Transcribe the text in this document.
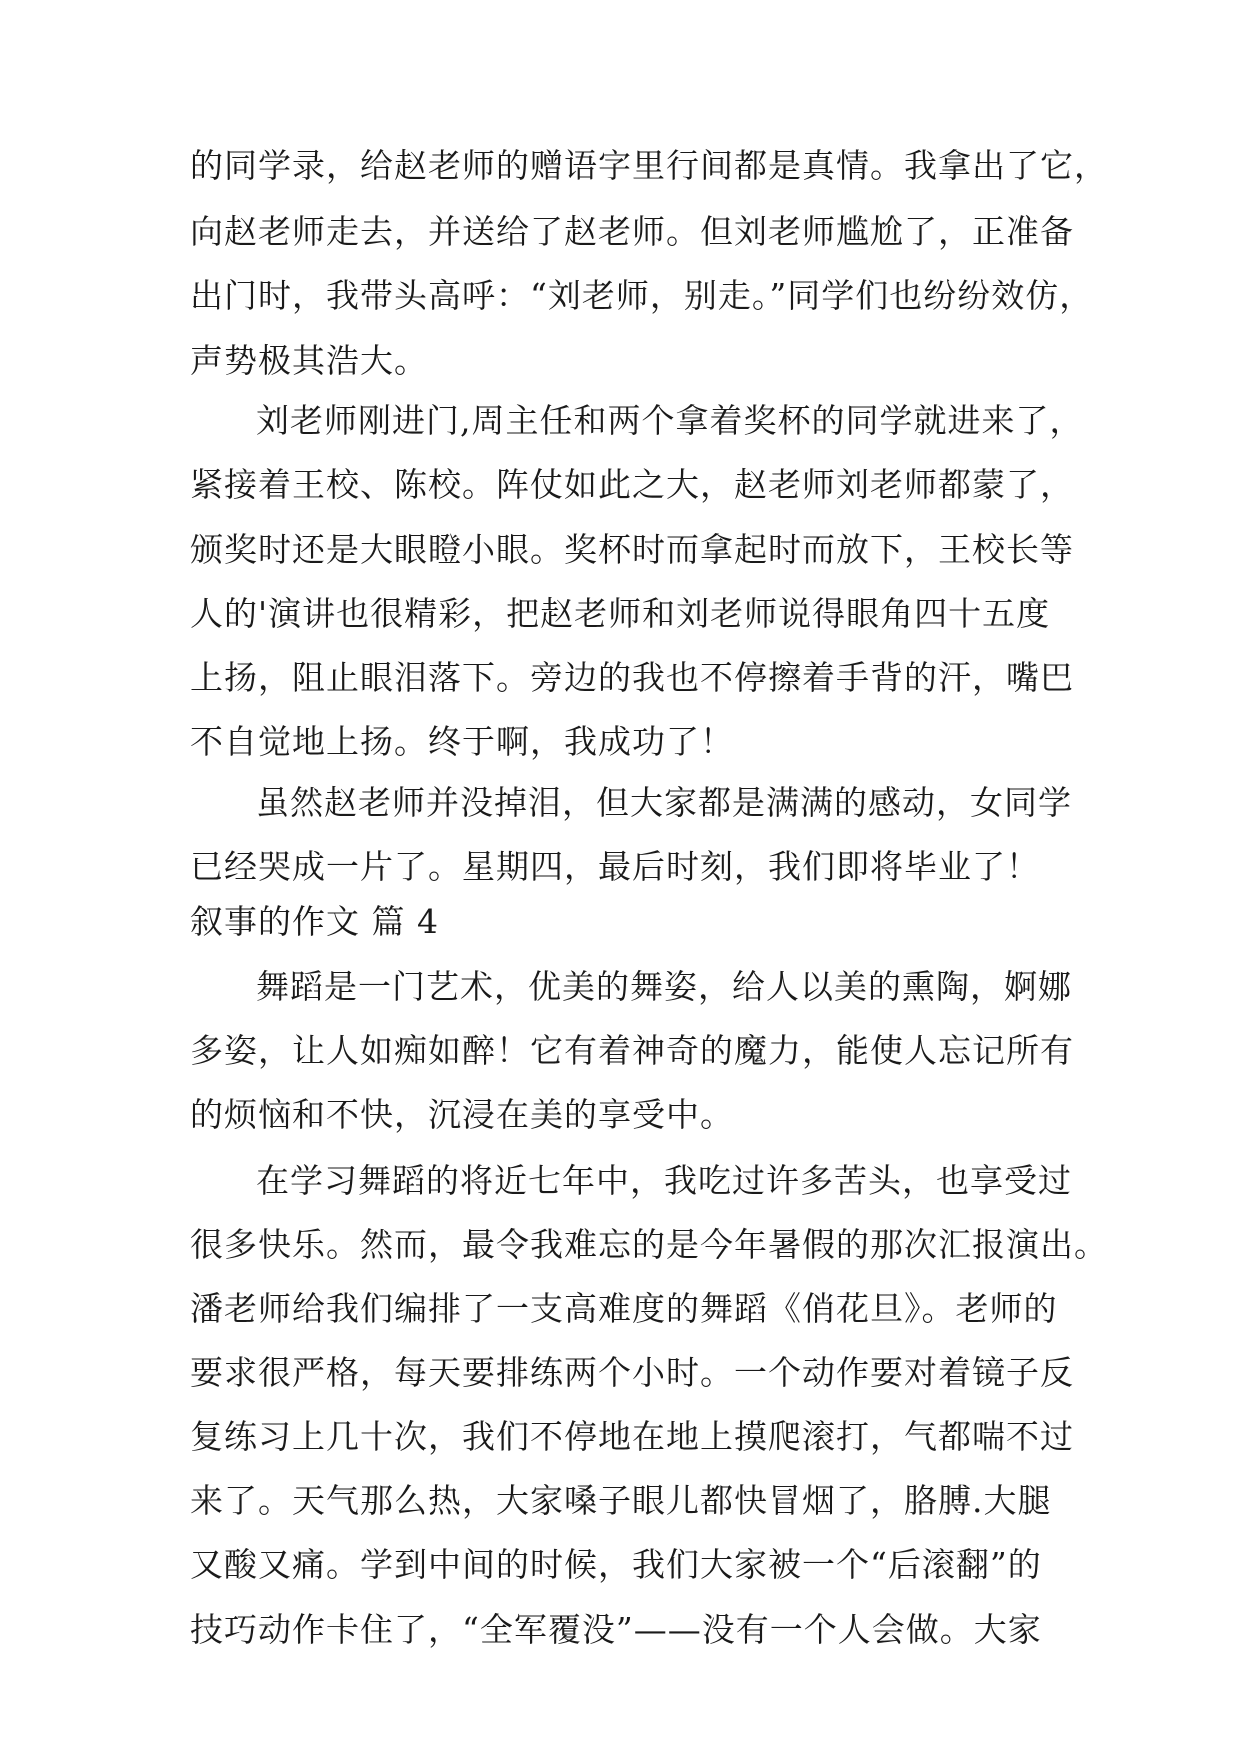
的同学录，给赵老师的赠语字里行间都是真情。我拿出了它，
向赵老师走去，并送给了赵老师。但刘老师尴尬了，正准备
出门时，我带头高呼：“刘老师，别走。”同学们也纷纷效仿，
声势极其浩大。
刘老师刚进门,周主任和两个拿着奖杯的同学就进来了，
紧接着王校、陈校。阵仗如此之大，赵老师刘老师都蒙了，
颁奖时还是大眼瞪小眼。奖杯时而拿起时而放下，王校长等
人的'演讲也很精彩，把赵老师和刘老师说得眼角四十五度
上扬，阻止眼泪落下。旁边的我也不停擦着手背的汗，嘴巴
不自觉地上扬。终于啊，我成功了！
虽然赵老师并没掉泪，但大家都是满满的感动，女同学
已经哭成一片了。星期四，最后时刻，我们即将毕业了！
叙事的作文 篇 4
舞蹈是一门艺术，优美的舞姿，给人以美的熏陶，婀娜
多姿，让人如痴如醉！它有着神奇的魔力，能使人忘记所有
的烦恼和不快，沉浸在美的享受中。
在学习舞蹈的将近七年中，我吃过许多苦头，也享受过
很多快乐。然而，最令我难忘的是今年暑假的那次汇报演出。
潘老师给我们编排了一支高难度的舞蹈《俏花旦》。老师的
要求很严格，每天要排练两个小时。一个动作要对着镜子反
复练习上几十次，我们不停地在地上摸爬滚打，气都喘不过
来了。天气那么热，大家嗓子眼儿都快冒烟了，胳膊.大腿
又酸又痛。学到中间的时候，我们大家被一个“后滚翻”的
技巧动作卡住了，“全军覆没”——没有一个人会做。大家
